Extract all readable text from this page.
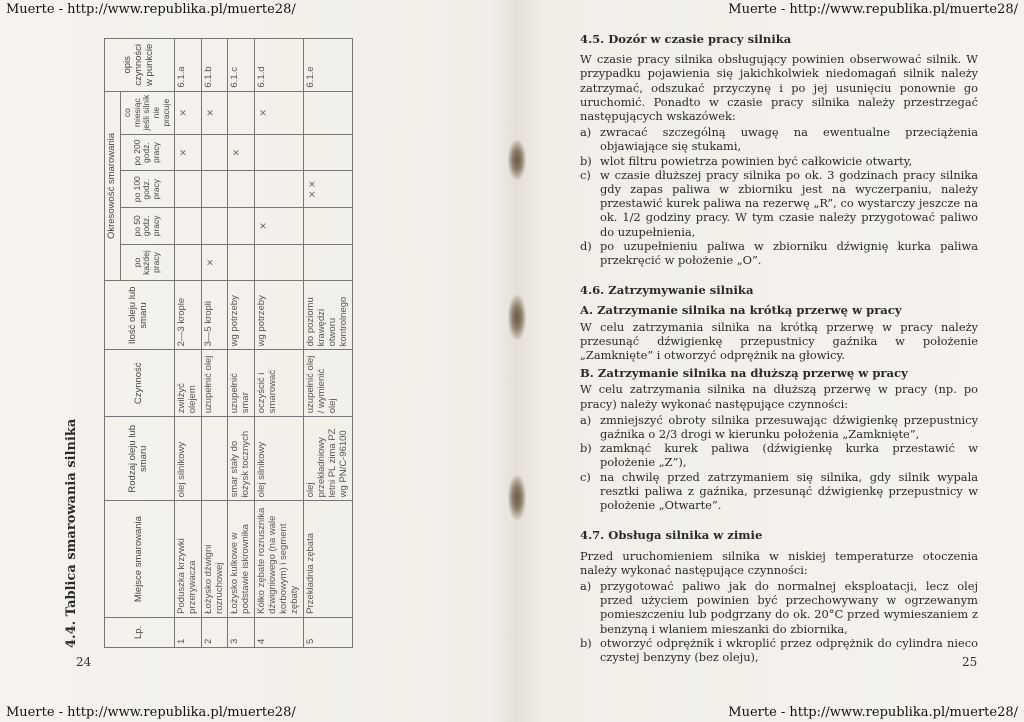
Muerte - http://www.republika.pl/muerte28/	Muerte - http://www.republika.pl/muerte28/
Muerte - http://www.republika.pl/muerte28/	Muerte - http://www.republika.pl/muerte28/
4.4. Tablica smarowania silnika	Lp.	Miejsce smarowania	Rodzaj oleju lub smaru	Czynność	Ilość oleju lub smaru	Okresowość smarowania					opis czynności w punkcie
					po każdej pracy	po 50 godz. pracy	po 100 godz. pracy	po 200 godz. pracy	co miesiąc jeśli silnik nie pracuje	
1	Poduszka krzywki przerywacza	olej silnikowy	zwilżyć olejem	2—3 krople				×	×	6.1.a
2	Łożysko dźwigni rozruchowej		uzupełnić olej	3—5 kropli	×				×	6.1.b
3	Łożysko kulkowe w podstawie iskrownika	smar stały do łożysk tocznych	uzupełnić smar	wg potrzeby				×		6.1.c
4	Kółko zębate rozrusznika dźwigniowego (na wale korbowym) i segment zębaty	olej silnikowy	oczyścić i smarować	wg potrzeby		×			×	6.1.d
5	Przekładnia zębata	olej przekładniowy letni PL zima PZ wg PN/C-96100	uzupełnić olej / wymienić olej	do poziomu krawędzi otworu kontrolnego			× ×			6.1.e
24
4.5. Dozór w czasie pracy silnika

W czasie pracy silnika obsługujący powinien obserwować silnik. W przypadku pojawienia się jakichkolwiek niedomagań silnik należy zatrzymać, odszukać przyczynę i po jej usunięciu ponownie go uruchomić. Ponadto w czasie pracy silnika należy przestrzegać następujących wskazówek:

a) zwracać szczególną uwagę na ewentualne przeciążenia objawiające się stukami,
b) wlot filtru powietrza powinien być całkowicie otwarty,
c) w czasie dłuższej pracy silnika po ok. 3 godzinach pracy silnika gdy zapas paliwa w zbiorniku jest na wyczerpaniu, należy przestawić kurek paliwa na rezerwę „R”, co wystarczy jeszcze na ok. 1/2 godziny pracy. W tym czasie należy przygotować paliwo do uzupełnienia,
d) po uzupełnieniu paliwa w zbiorniku dźwignię kurka paliwa przekręcić w położenie „O”.
4.6. Zatrzymywanie silnika
A. Zatrzymanie silnika na krótką przerwę w pracy

W celu zatrzymania silnika na krótką przerwę w pracy należy przesunąć dźwigienkę przepustnicy gaźnika w położenie „Zamknięte” i otworzyć odprężnik na głowicy.

B. Zatrzymanie silnika na dłuższą przerwę w pracy

W celu zatrzymania silnika na dłuższą przerwę w pracy (np. po pracy) należy wykonać następujące czynności:

a) zmniejszyć obroty silnika przesuwając dźwigienkę przepustnicy gaźnika o 2/3 drogi w kierunku położenia „Zamknięte”,
b) zamknąć kurek paliwa (dźwigienkę kurka przestawić w położenie „Z”),
c) na chwilę przed zatrzymaniem się silnika, gdy silnik wypala resztki paliwa z gaźnika, przesunąć dźwigienkę przepustnicy w położenie „Otwarte”.
4.7. Obsługa silnika w zimie

Przed uruchomieniem silnika w niskiej temperaturze otoczenia należy wykonać następujące czynności:

a) przygotować paliwo jak do normalnej eksploatacji, lecz olej przed użyciem powinien być przechowywany w ogrzewanym pomieszczeniu lub podgrzany do ok. 20°C przed wymieszaniem z benzyną i wlaniem mieszanki do zbiornika,
b) otworzyć odprężnik i wkroplić przez odprężnik do cylindra nieco czystej benzyny (bez oleju),	25
